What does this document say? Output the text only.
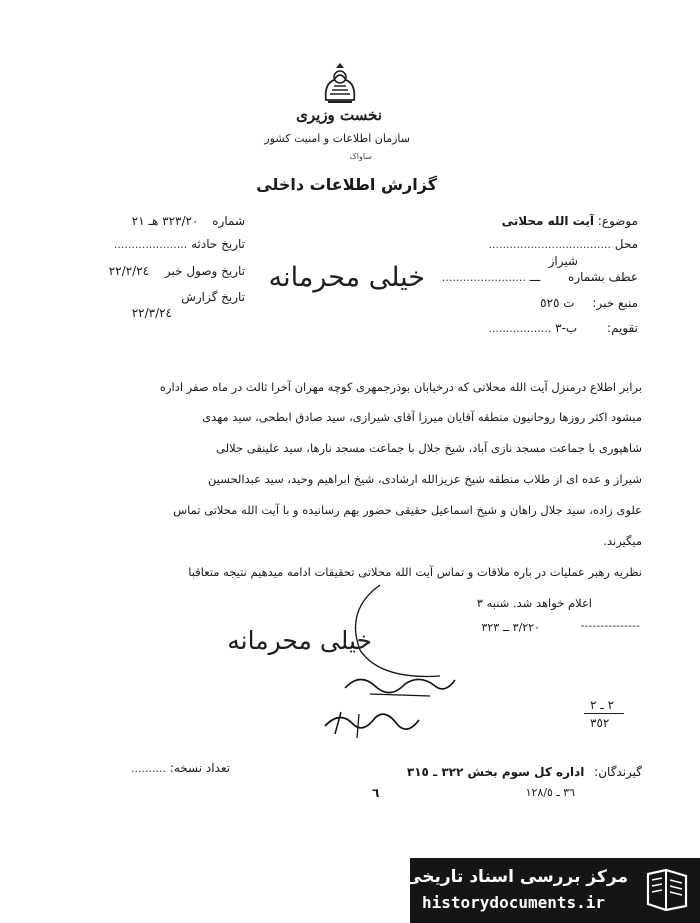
نخست وزیری
سازمان اطلاعات و امنیت کشور
ساواک
گزارش اطلاعات داخلی
موضوع: آیت الله محلاتی
محل ...................................
شیراز
عطف بشماره ـــ ........................
منبع خبر: ت ٥٢٥
تقویم: ب-٣ ..................
شماره ٣٢٣/٢٠ هـ ٢١
تاریخ حادثه .....................
تاریخ وصول خبر ٢٢/٢/٢٤
تاریخ گزارش
٢٢/٣/٢٤
خیلی محرمانه
برابر اطلاع درمنزل آیت الله محلاتی که درخیابان بوذرجمهری کوچه مهران آخرا ثالث در ماه صفر اداره
میشود اکثر روزها روحانیون منطقه آقایان میرزا آقای شیرازی، سید صادق ابطحی، سید مهدی
شاهپوری با جماعت مسجد نازی آباد، شیخ جلال با جماعت مسجد نارها، سید علینقی جلالی
شیراز و عده ای از طلاب منطقه شیخ عزیزالله ارشادی، شیخ ابراهیم وحید، سید عبدالحسین
علوی زاده، سید جلال راهان و شیخ اسماعیل حقیقی حضور بهم رسانیده و با آیت الله محلاتی تماس
میگیرند.
نظریه رهبر عملیات در باره ملاقات و تماس آیت الله محلاتی تحقیقات ادامه میدهیم نتیجه متعاقبا
اعلام خواهد شد. شنبه ۳
٣/٢٢٠ ــ ٣٢٣	---------------
خیلی محرمانه
٢ ـ ٢
٣٥٢
گیرندگان: اداره کل سوم بخش ٣٢٢ ـ ٣١٥
تعداد نسخه: ..........
٦	٣٦ ـ ١٢٨/٥
مرکز بررسی اسناد تاریخی
historydocuments.ir
